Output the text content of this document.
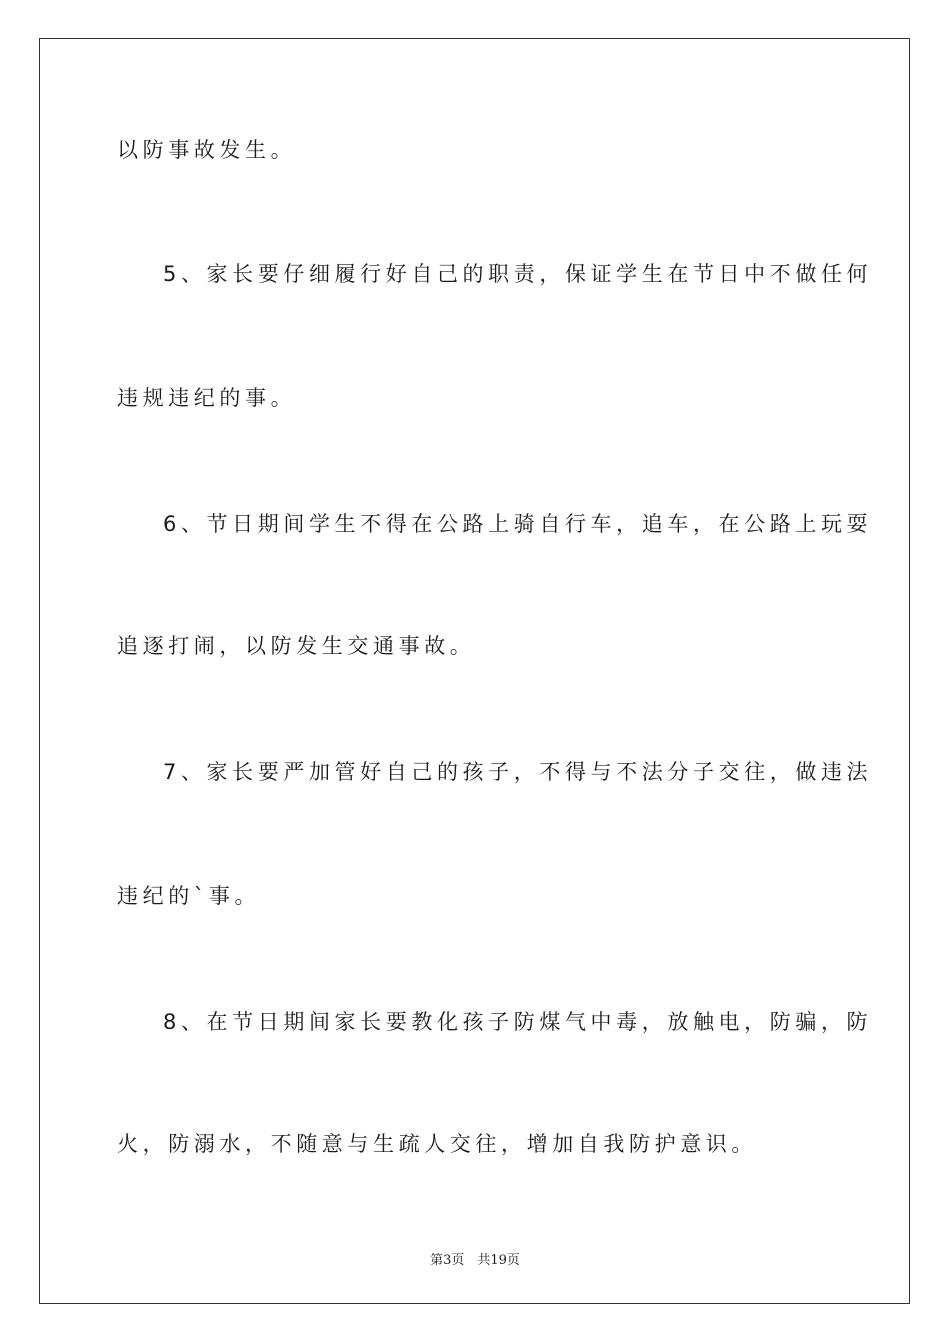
以防事故发生。
5、家长要仔细履行好自己的职责，保证学生在节日中不做任何
违规违纪的事。
6、节日期间学生不得在公路上骑自行车，追车，在公路上玩耍
追逐打闹，以防发生交通事故。
7、家长要严加管好自己的孩子，不得与不法分子交往，做违法
违纪的`事。
8、在节日期间家长要教化孩子防煤气中毒，放触电，防骗，防
火，防溺水，不随意与生疏人交往，增加自我防护意识。
第3页　共19页
